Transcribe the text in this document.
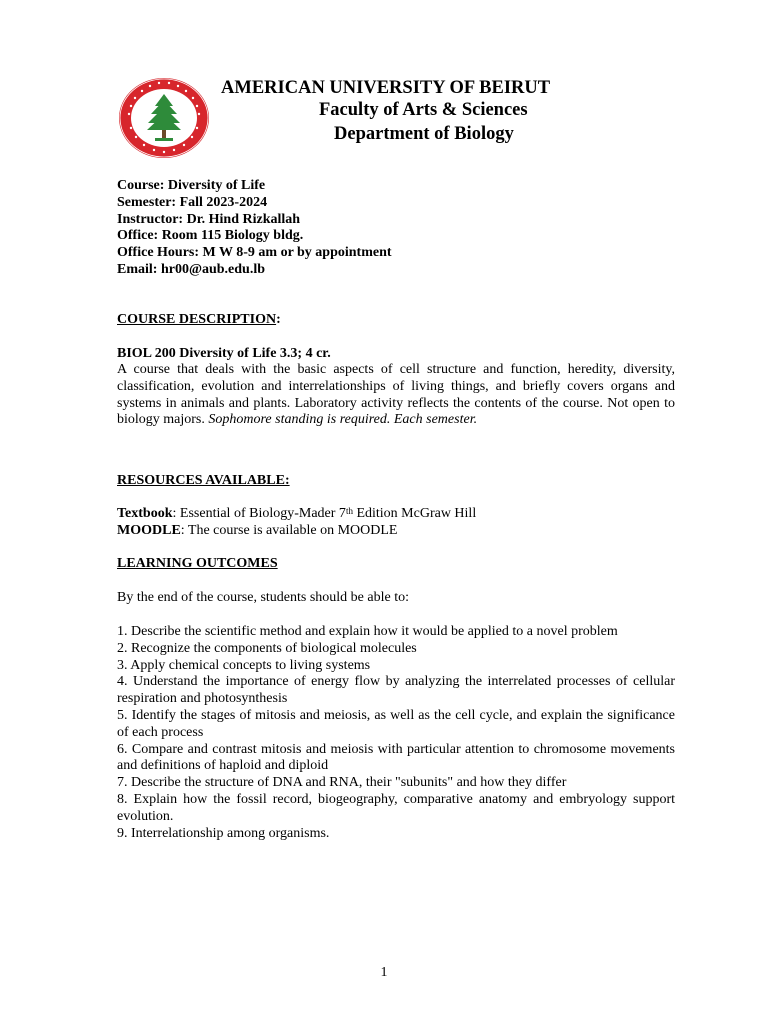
AMERICAN UNIVERSITY OF BEIRUT
Faculty of Arts & Sciences
Department of Biology
Course: Diversity of Life
Semester: Fall 2023-2024
Instructor: Dr. Hind Rizkallah
Office: Room 115 Biology bldg.
Office Hours: M W 8-9 am or by appointment
Email: hr00@aub.edu.lb
COURSE DESCRIPTION:
BIOL 200 Diversity of Life 3.3; 4 cr.
A course that deals with the basic aspects of cell structure and function, heredity, diversity, classification, evolution and interrelationships of living things, and briefly covers organs and systems in animals and plants. Laboratory activity reflects the contents of the course. Not open to biology majors. Sophomore standing is required. Each semester.
RESOURCES AVAILABLE:
Textbook: Essential of Biology-Mader 7th Edition McGraw Hill
MOODLE: The course is available on MOODLE
LEARNING OUTCOMES
By the end of the course, students should be able to:
1. Describe the scientific method and explain how it would be applied to a novel problem
2. Recognize the components of biological molecules
3. Apply chemical concepts to living systems
4. Understand the importance of energy flow by analyzing the interrelated processes of cellular respiration and photosynthesis
5. Identify the stages of mitosis and meiosis, as well as the cell cycle, and explain the significance of each process
6. Compare and contrast mitosis and meiosis with particular attention to chromosome movements and definitions of haploid and diploid
7. Describe the structure of DNA and RNA, their "subunits" and how they differ
8. Explain how the fossil record, biogeography, comparative anatomy and embryology support evolution.
9. Interrelationship among organisms.
1
